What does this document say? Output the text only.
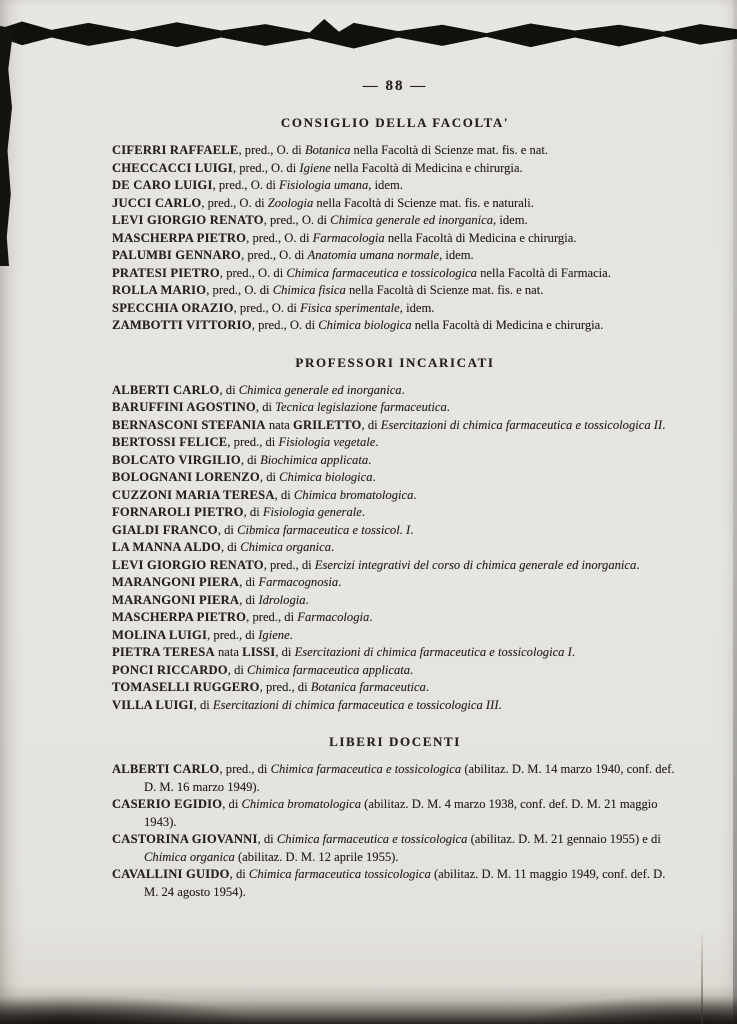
— 88 —
CONSIGLIO DELLA FACOLTA'

CIFERRI RAFFAELE, pred., O. di Botanica nella Facoltà di Scienze mat. fis. e nat.

CHECCACCI LUIGI, pred., O. di Igiene nella Facoltà di Medicina e chirurgia.

DE CARO LUIGI, pred., O. di Fisiologia umana, idem.

JUCCI CARLO, pred., O. di Zoologia nella Facoltà di Scienze mat. fis. e naturali.

LEVI GIORGIO RENATO, pred., O. di Chimica generale ed inorganica, idem.

MASCHERPA PIETRO, pred., O. di Farmacologia nella Facoltà di Medicina e chirurgia.

PALUMBI GENNARO, pred., O. di Anatomia umana normale, idem.

PRATESI PIETRO, pred., O. di Chimica farmaceutica e tossicologica nella Facoltà di Farmacia.

ROLLA MARIO, pred., O. di Chimica fisica nella Facoltà di Scienze mat. fis. e nat.

SPECCHIA ORAZIO, pred., O. di Fisica sperimentale, idem.

ZAMBOTTI VITTORIO, pred., O. di Chimica biologica nella Facoltà di Medicina e chirurgia.

PROFESSORI INCARICATI

ALBERTI CARLO, di Chimica generale ed inorganica.

BARUFFINI AGOSTINO, di Tecnica legislazione farmaceutica.

BERNASCONI STEFANIA nata GRILETTO, di Esercitazioni di chimica farmaceutica e tossicologica II.

BERTOSSI FELICE, pred., di Fisiologia vegetale.

BOLCATO VIRGILIO, di Biochimica applicata.

BOLOGNANI LORENZO, di Chimica biologica.

CUZZONI MARIA TERESA, di Chimica bromatologica.

FORNAROLI PIETRO, di Fisiologia generale.

GIALDI FRANCO, di Cibmica farmaceutica e tossicol. I.

LA MANNA ALDO, di Chimica organica.

LEVI GIORGIO RENATO, pred., di Esercizi integrativi del corso di chimica generale ed inorganica.

MARANGONI PIERA, di Farmacognosia.

MARANGONI PIERA, di Idrologia.

MASCHERPA PIETRO, pred., di Farmacologia.

MOLINA LUIGI, pred., di Igiene.

PIETRA TERESA nata LISSI, di Esercitazioni di chimica farmaceutica e tossicologica I.

PONCI RICCARDO, di Chimica farmaceutica applicata.

TOMASELLI RUGGERO, pred., di Botanica farmaceutica.

VILLA LUIGI, di Esercitazioni di chimica farmaceutica e tossicologica III.

LIBERI DOCENTI

ALBERTI CARLO, pred., di Chimica farmaceutica e tossicologica (abilitaz. D. M. 14 marzo 1940, conf. def. D. M. 16 marzo 1949).

CASERIO EGIDIO, di Chimica bromatologica (abilitaz. D. M. 4 marzo 1938, conf. def. D. M. 21 maggio 1943).

CASTORINA GIOVANNI, di Chimica farmaceutica e tossicologica (abilitaz. D. M. 21 gennaio 1955) e di Chimica organica (abilitaz. D. M. 12 aprile 1955).

CAVALLINI GUIDO, di Chimica farmaceutica tossicologica (abilitaz. D. M. 11 maggio 1949, conf. def. D. M. 24 agosto 1954).
